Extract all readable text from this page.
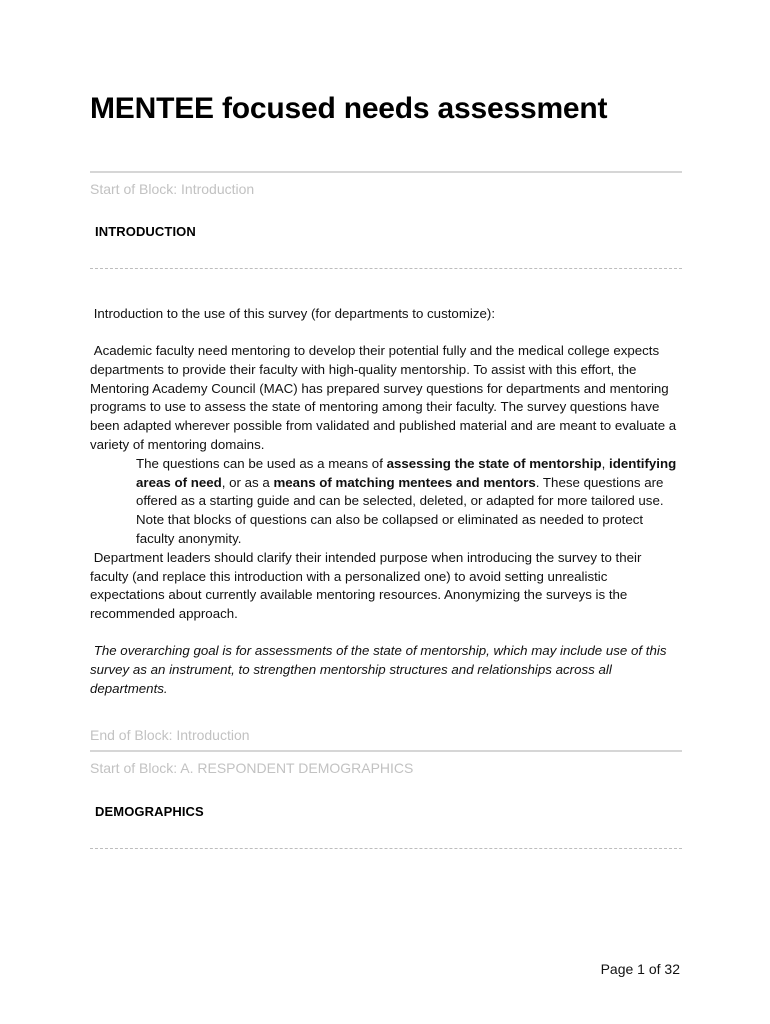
MENTEE focused needs assessment

Start of Block: Introduction

INTRODUCTION

Introduction to the use of this survey (for departments to customize):

Academic faculty need mentoring to develop their potential fully and the medical college expects departments to provide their faculty with high-quality mentorship. To assist with this effort, the Mentoring Academy Council (MAC) has prepared survey questions for departments and mentoring programs to use to assess the state of mentoring among their faculty. The survey questions have been adapted wherever possible from validated and published material and are meant to evaluate a variety of mentoring domains.

The questions can be used as a means of assessing the state of mentorship, identifying areas of need, or as a means of matching mentees and mentors. These questions are offered as a starting guide and can be selected, deleted, or adapted for more tailored use. Note that blocks of questions can also be collapsed or eliminated as needed to protect faculty anonymity.

Department leaders should clarify their intended purpose when introducing the survey to their faculty (and replace this introduction with a personalized one) to avoid setting unrealistic expectations about currently available mentoring resources. Anonymizing the surveys is the recommended approach.

The overarching goal is for assessments of the state of mentorship, which may include use of this survey as an instrument, to strengthen mentorship structures and relationships across all departments.

End of Block: Introduction

Start of Block: A. RESPONDENT DEMOGRAPHICS

DEMOGRAPHICS

Page 1 of 32
